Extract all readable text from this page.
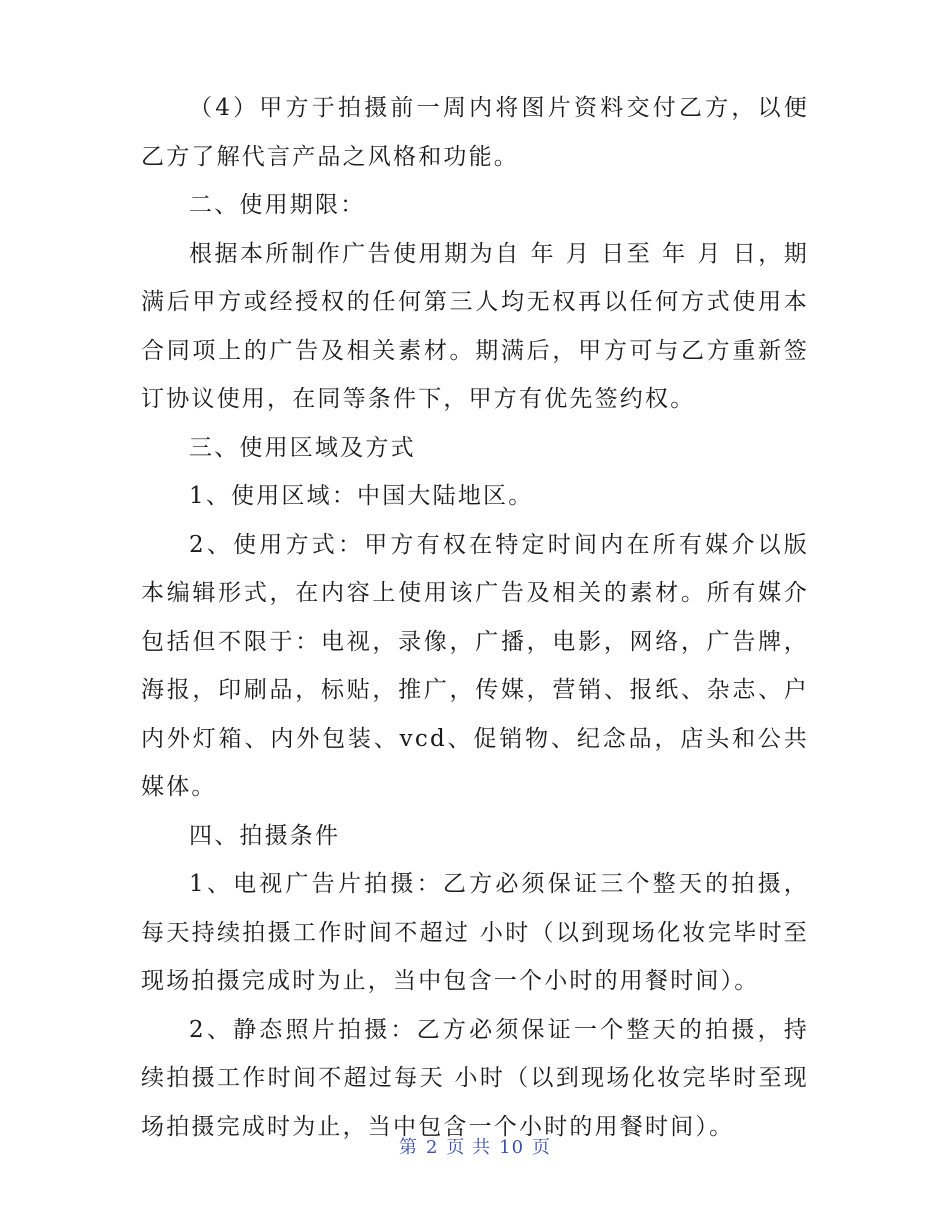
（4）甲方于拍摄前一周内将图片资料交付乙方，以便乙方了解代言产品之风格和功能。

二、使用期限：

根据本所制作广告使用期为自 年 月 日至 年 月 日，期满后甲方或经授权的任何第三人均无权再以任何方式使用本合同项上的广告及相关素材。期满后，甲方可与乙方重新签订协议使用，在同等条件下，甲方有优先签约权。

三、使用区域及方式

1、使用区域：中国大陆地区。

2、使用方式：甲方有权在特定时间内在所有媒介以版本编辑形式，在内容上使用该广告及相关的素材。所有媒介包括但不限于：电视，录像，广播，电影，网络，广告牌，海报，印刷品，标贴，推广，传媒，营销、报纸、杂志、户内外灯箱、内外包装、vcd、促销物、纪念品，店头和公共媒体。

四、拍摄条件

1、电视广告片拍摄：乙方必须保证三个整天的拍摄，每天持续拍摄工作时间不超过 小时（以到现场化妆完毕时至现场拍摄完成时为止，当中包含一个小时的用餐时间）。

2、静态照片拍摄：乙方必须保证一个整天的拍摄，持续拍摄工作时间不超过每天 小时（以到现场化妆完毕时至现场拍摄完成时为止，当中包含一个小时的用餐时间）。

第 2 页 共 10 页
